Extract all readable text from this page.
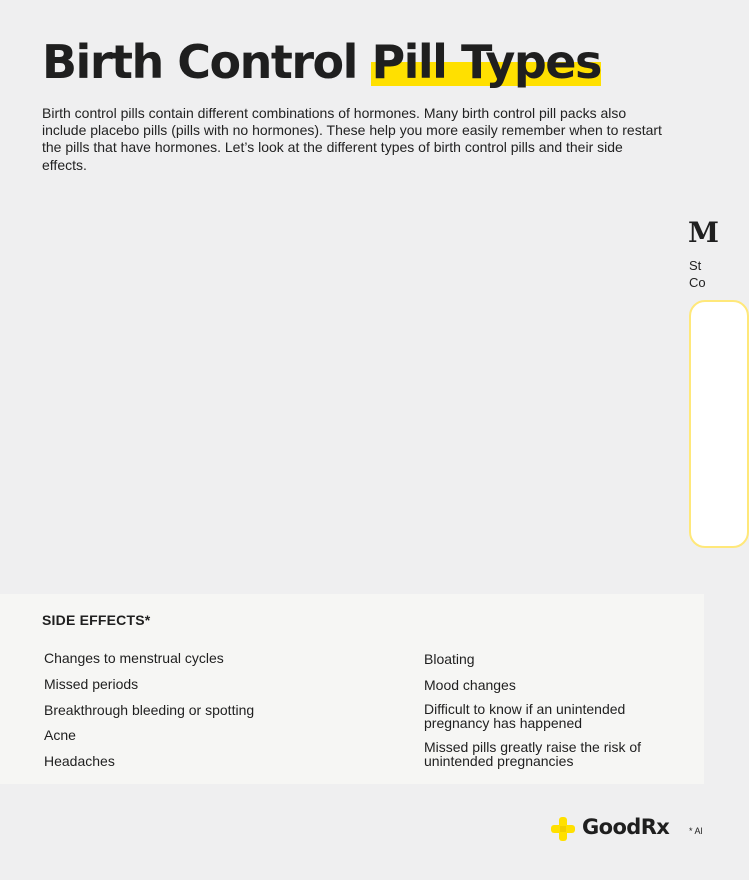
Birth Control Pill Types

Birth control pills contain different combinations of hormones. Many birth control pill packs also include placebo pills (pills with no hormones). These help you more easily remember when to restart the pills that have hormones. Let’s look at the different types of birth control pills and their side effects.

M
St
Co
SIDE EFFECTS*
Changes to menstrual cycles
Missed periods
Breakthrough bleeding or spotting
Acne
Headaches
Bloating
Mood changes
Difficult to know if an unintended pregnancy has happened
Missed pills greatly raise the risk of unintended pregnancies
GoodRx * Al
